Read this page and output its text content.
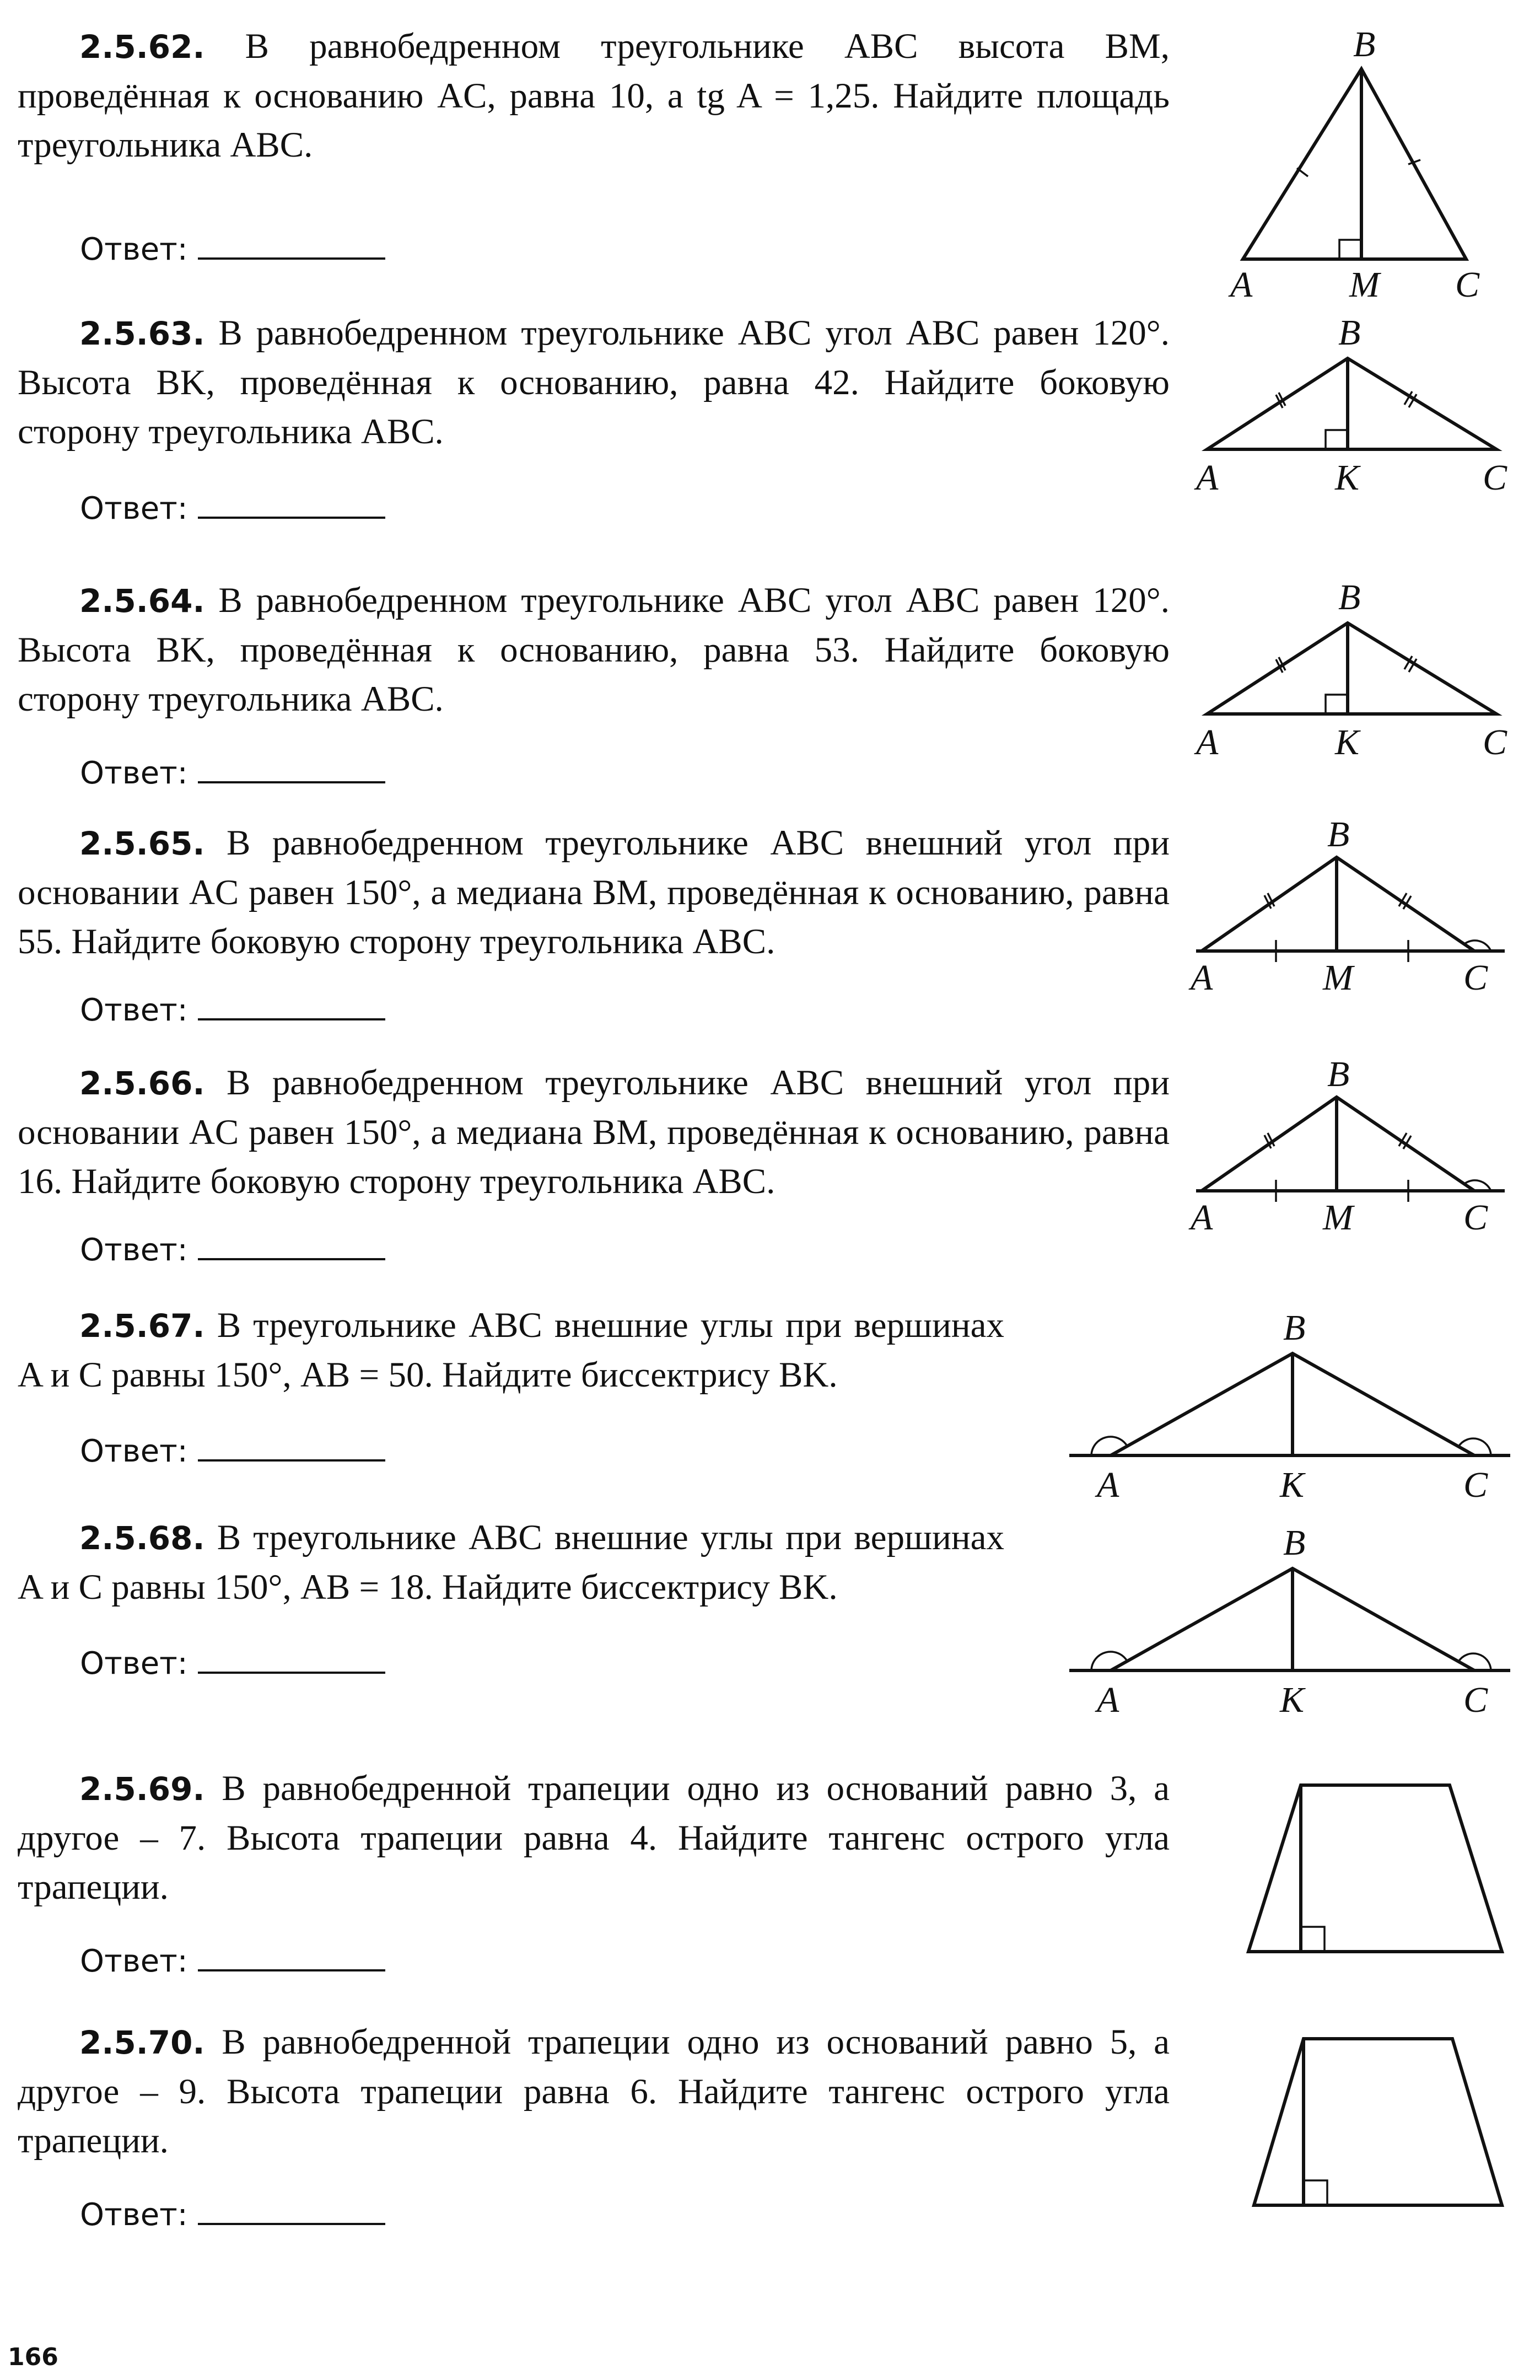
2.5.62. В равнобедренном треугольнике ABC высота BM, проведённая к основанию AC, равна 10, а tg A = 1,25. Найдите площадь треугольника ABC.

Ответ:
B
A	M C

2.5.63. В равнобедренном треугольнике ABC угол ABC равен 120°. Высота BK, проведённая к основанию, равна 42. Найдите боковую сторону треугольника ABC.

Ответ:
B
A	K	C

2.5.64. В равнобедренном треугольнике ABC угол ABC равен 120°. Высота BK, проведённая к основанию, равна 53. Найдите боковую сторону треугольника ABC.

Ответ:
B
A	K	C

2.5.65. В равнобедренном треугольнике ABC внешний угол при основании AC равен 150°, а медиана BM, проведённая к основанию, равна 55. Найдите боковую сторону треугольника ABC.

Ответ:
B
A	M	C

2.5.66. В равнобедренном треугольнике ABC внешний угол при основании AC равен 150°, а медиана BM, проведённая к основанию, равна 16. Найдите боковую сторону треугольника ABC.

Ответ:
B
A	M	C

2.5.67. В треугольнике ABC внешние углы при вершинах A и C равны 150°, AB = 50. Найдите биссектрису BK.

Ответ:
B
A	K	C

2.5.68. В треугольнике ABC внешние углы при вершинах A и C равны 150°, AB = 18. Найдите биссектрису BK.

Ответ:
B
A	K	C

2.5.69. В равнобедренной трапеции одно из оснований равно 3, а другое – 7. Высота трапеции равна 4. Найдите тангенс острого угла трапеции.

Ответ:

2.5.70. В равнобедренной трапеции одно из оснований равно 5, а другое – 9. Высота трапеции равна 6. Найдите тангенс острого угла трапеции.

Ответ:
166
